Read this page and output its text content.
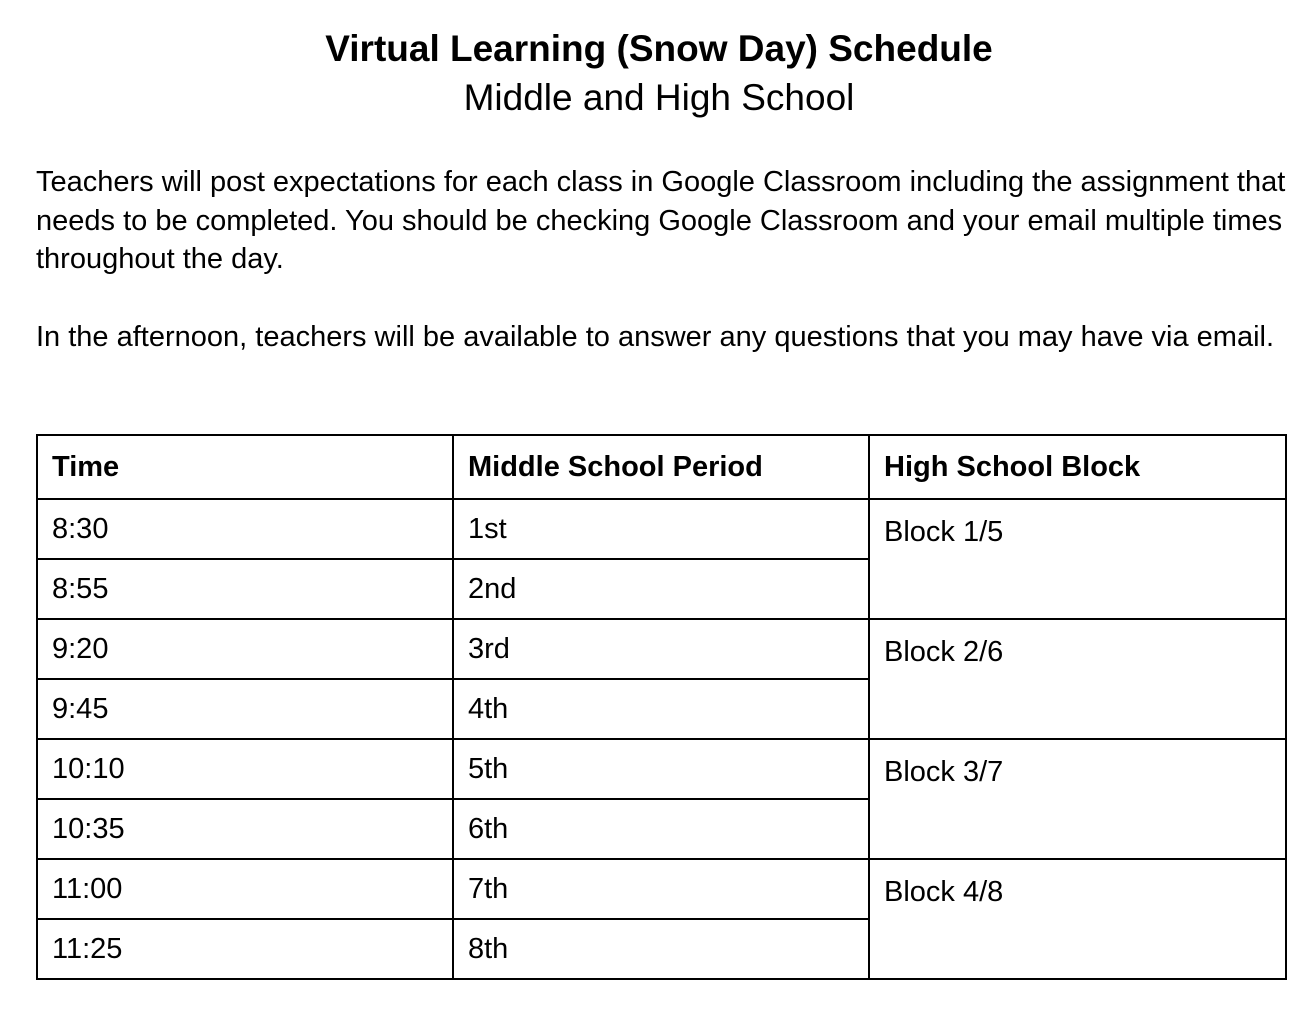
Virtual Learning (Snow Day) Schedule
Middle and High School

Teachers will post expectations for each class in Google Classroom including the assignment that needs to be completed. You should be checking Google Classroom and your email multiple times throughout the day.

In the afternoon, teachers will be available to answer any questions that you may have via email.

Time	Middle School Period	High School Block
8:30	1st	Block 1/5
8:55	2nd	
9:20	3rd	Block 2/6
9:45	4th	
10:10	5th	Block 3/7
10:35	6th	
11:00	7th	Block 4/8
11:25	8th	
